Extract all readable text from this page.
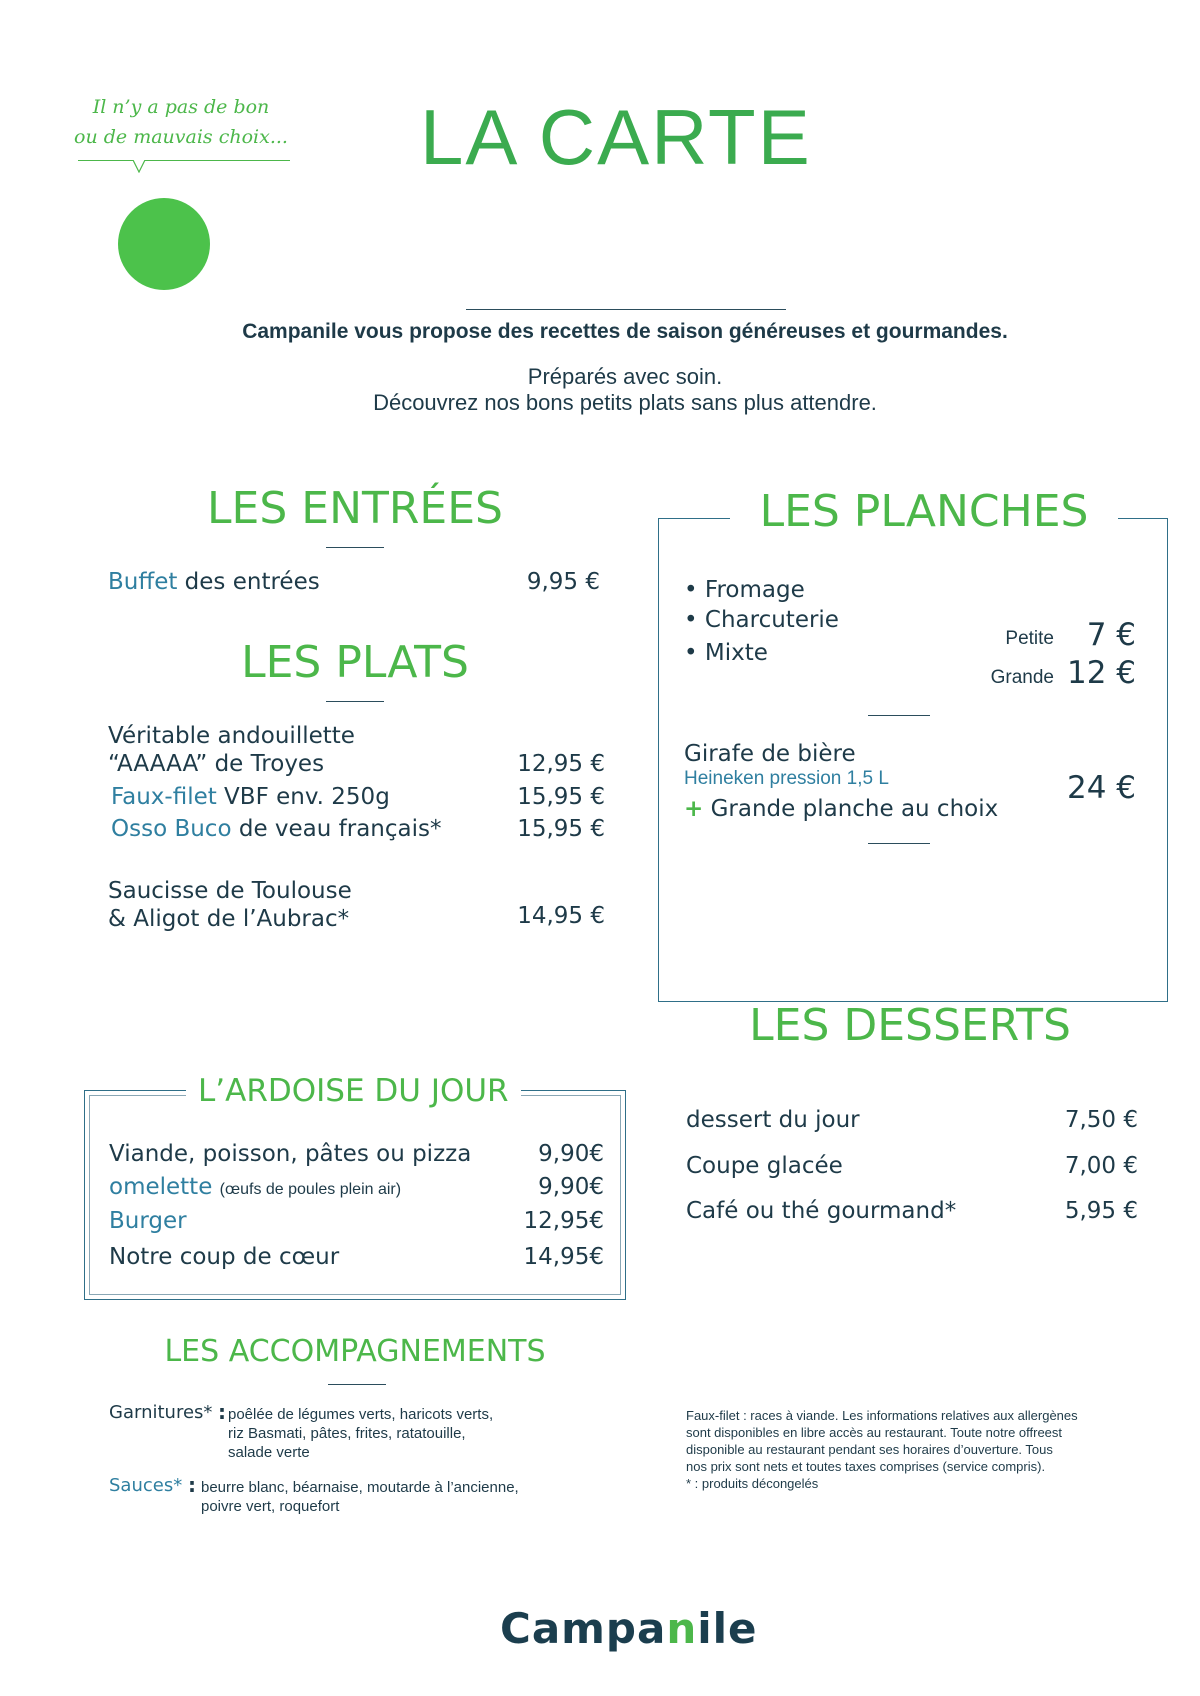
Il n’y a pas de bon
ou de mauvais choix... LA CARTE
Campanile vous propose des recettes de saison généreuses et gourmandes.
Préparés avec soin.
Découvrez nos bons petits plats sans plus attendre.
LES ENTRÉES
Buffet des entrées	9,95 €
LES PLATS
Véritable andouillette
“AAAAA” de Troyes	12,95 €
Faux-filet VBF env. 250g	15,95 €
Osso Buco de veau français*	15,95 €
Saucisse de Toulouse
& Aligot de l’Aubrac*	14,95 €
LES PLANCHES
• Fromage
• Charcuterie
• Mixte
Petite	7 €
Grande 12 €
Girafe de bière
Heineken pression 1,5 L
+ Grande planche au choix
24 €
LES DESSERTS
dessert du jour	7,50 €
Coupe glacée	7,00 €
Café ou thé gourmand*	5,95 €
L’ARDOISE DU JOUR
Viande, poisson, pâtes ou pizza	9,90€
omelette (œufs de poules plein air)	9,90€
Burger	12,95€
Notre coup de cœur	14,95€
LES ACCOMPAGNEMENTS
Garnitures* : poêlée de légumes verts, haricots verts,
riz Basmati, pâtes, frites, ratatouille,
salade verte
Sauces* : beurre blanc, béarnaise, moutarde à l’ancienne,
poivre vert, roquefort
Faux-filet : races à viande. Les informations relatives aux allergènes
sont disponibles en libre accès au restaurant. Toute notre offreest
disponible au restaurant pendant ses horaires d’ouverture. Tous
nos prix sont nets et toutes taxes comprises (service compris).
* : produits décongelés
Campanile
